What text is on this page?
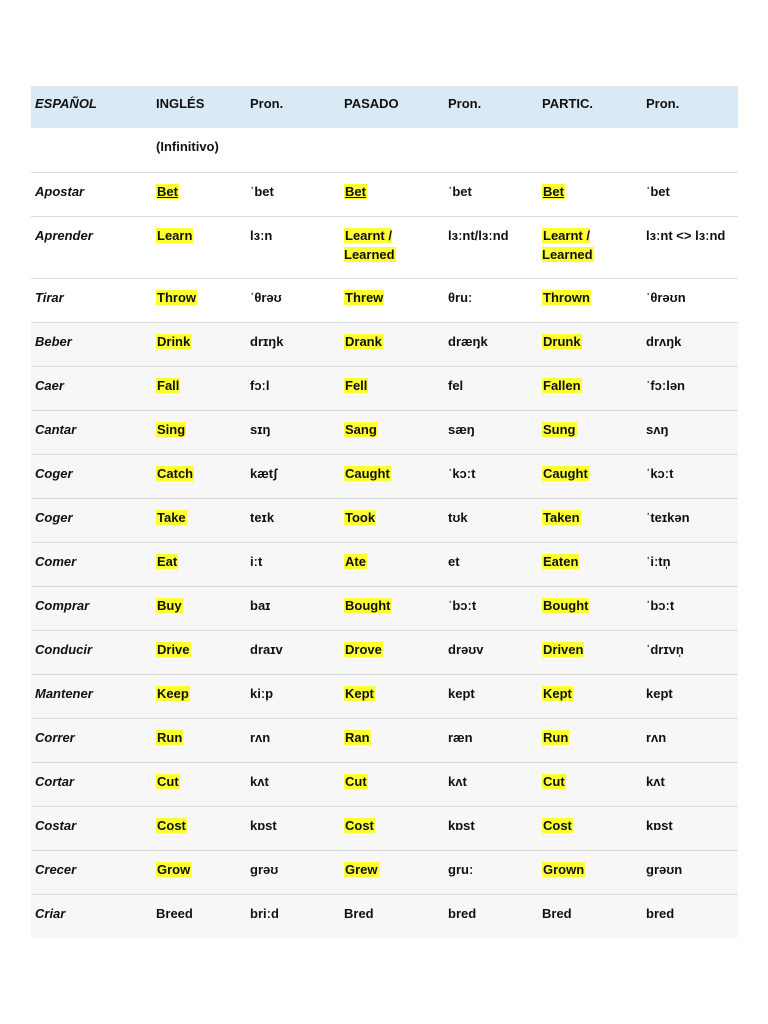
ESPAÑOL	INGLÉS	Pron.	PASADO	Pron.	PARTIC.	Pron.
	(Infinitivo)					
Apostar	Bet	ˈbet	Bet	ˈbet	Bet	ˈbet
Aprender	Learn	lɜːn	Learnt / Learned	lɜːnt/lɜːnd	Learnt / Learned	lɜːnt <> lɜːnd
Tirar	Throw	ˈθrəʊ	Threw	θruː	Thrown	ˈθrəʊn
Beber	Drink	drɪŋk	Drank	dræŋk	Drunk	drʌŋk
Caer	Fall	fɔːl	Fell	fel	Fallen	ˈfɔːlən
Cantar	Sing	sɪŋ	Sang	sæŋ	Sung	sʌŋ
Coger	Catch	kætʃ	Caught	ˈkɔːt	Caught	ˈkɔːt
Coger	Take	teɪk	Took	tʊk	Taken	ˈteɪkən
Comer	Eat	iːt	Ate	et	Eaten	ˈiːtn̩
Comprar	Buy	baɪ	Bought	ˈbɔːt	Bought	ˈbɔːt
Conducir	Drive	draɪv	Drove	drəʊv	Driven	ˈdrɪvn̩
Mantener	Keep	kiːp	Kept	kept	Kept	kept
Correr	Run	rʌn	Ran	ræn	Run	rʌn
Cortar	Cut	kʌt	Cut	kʌt	Cut	kʌt
Costar	Cost	kɒst	Cost	kɒst	Cost	kɒst
Crecer	Grow	grəʊ	Grew	gruː	Grown	grəʊn
Criar	Breed	briːd	Bred	bred	Bred	bred
